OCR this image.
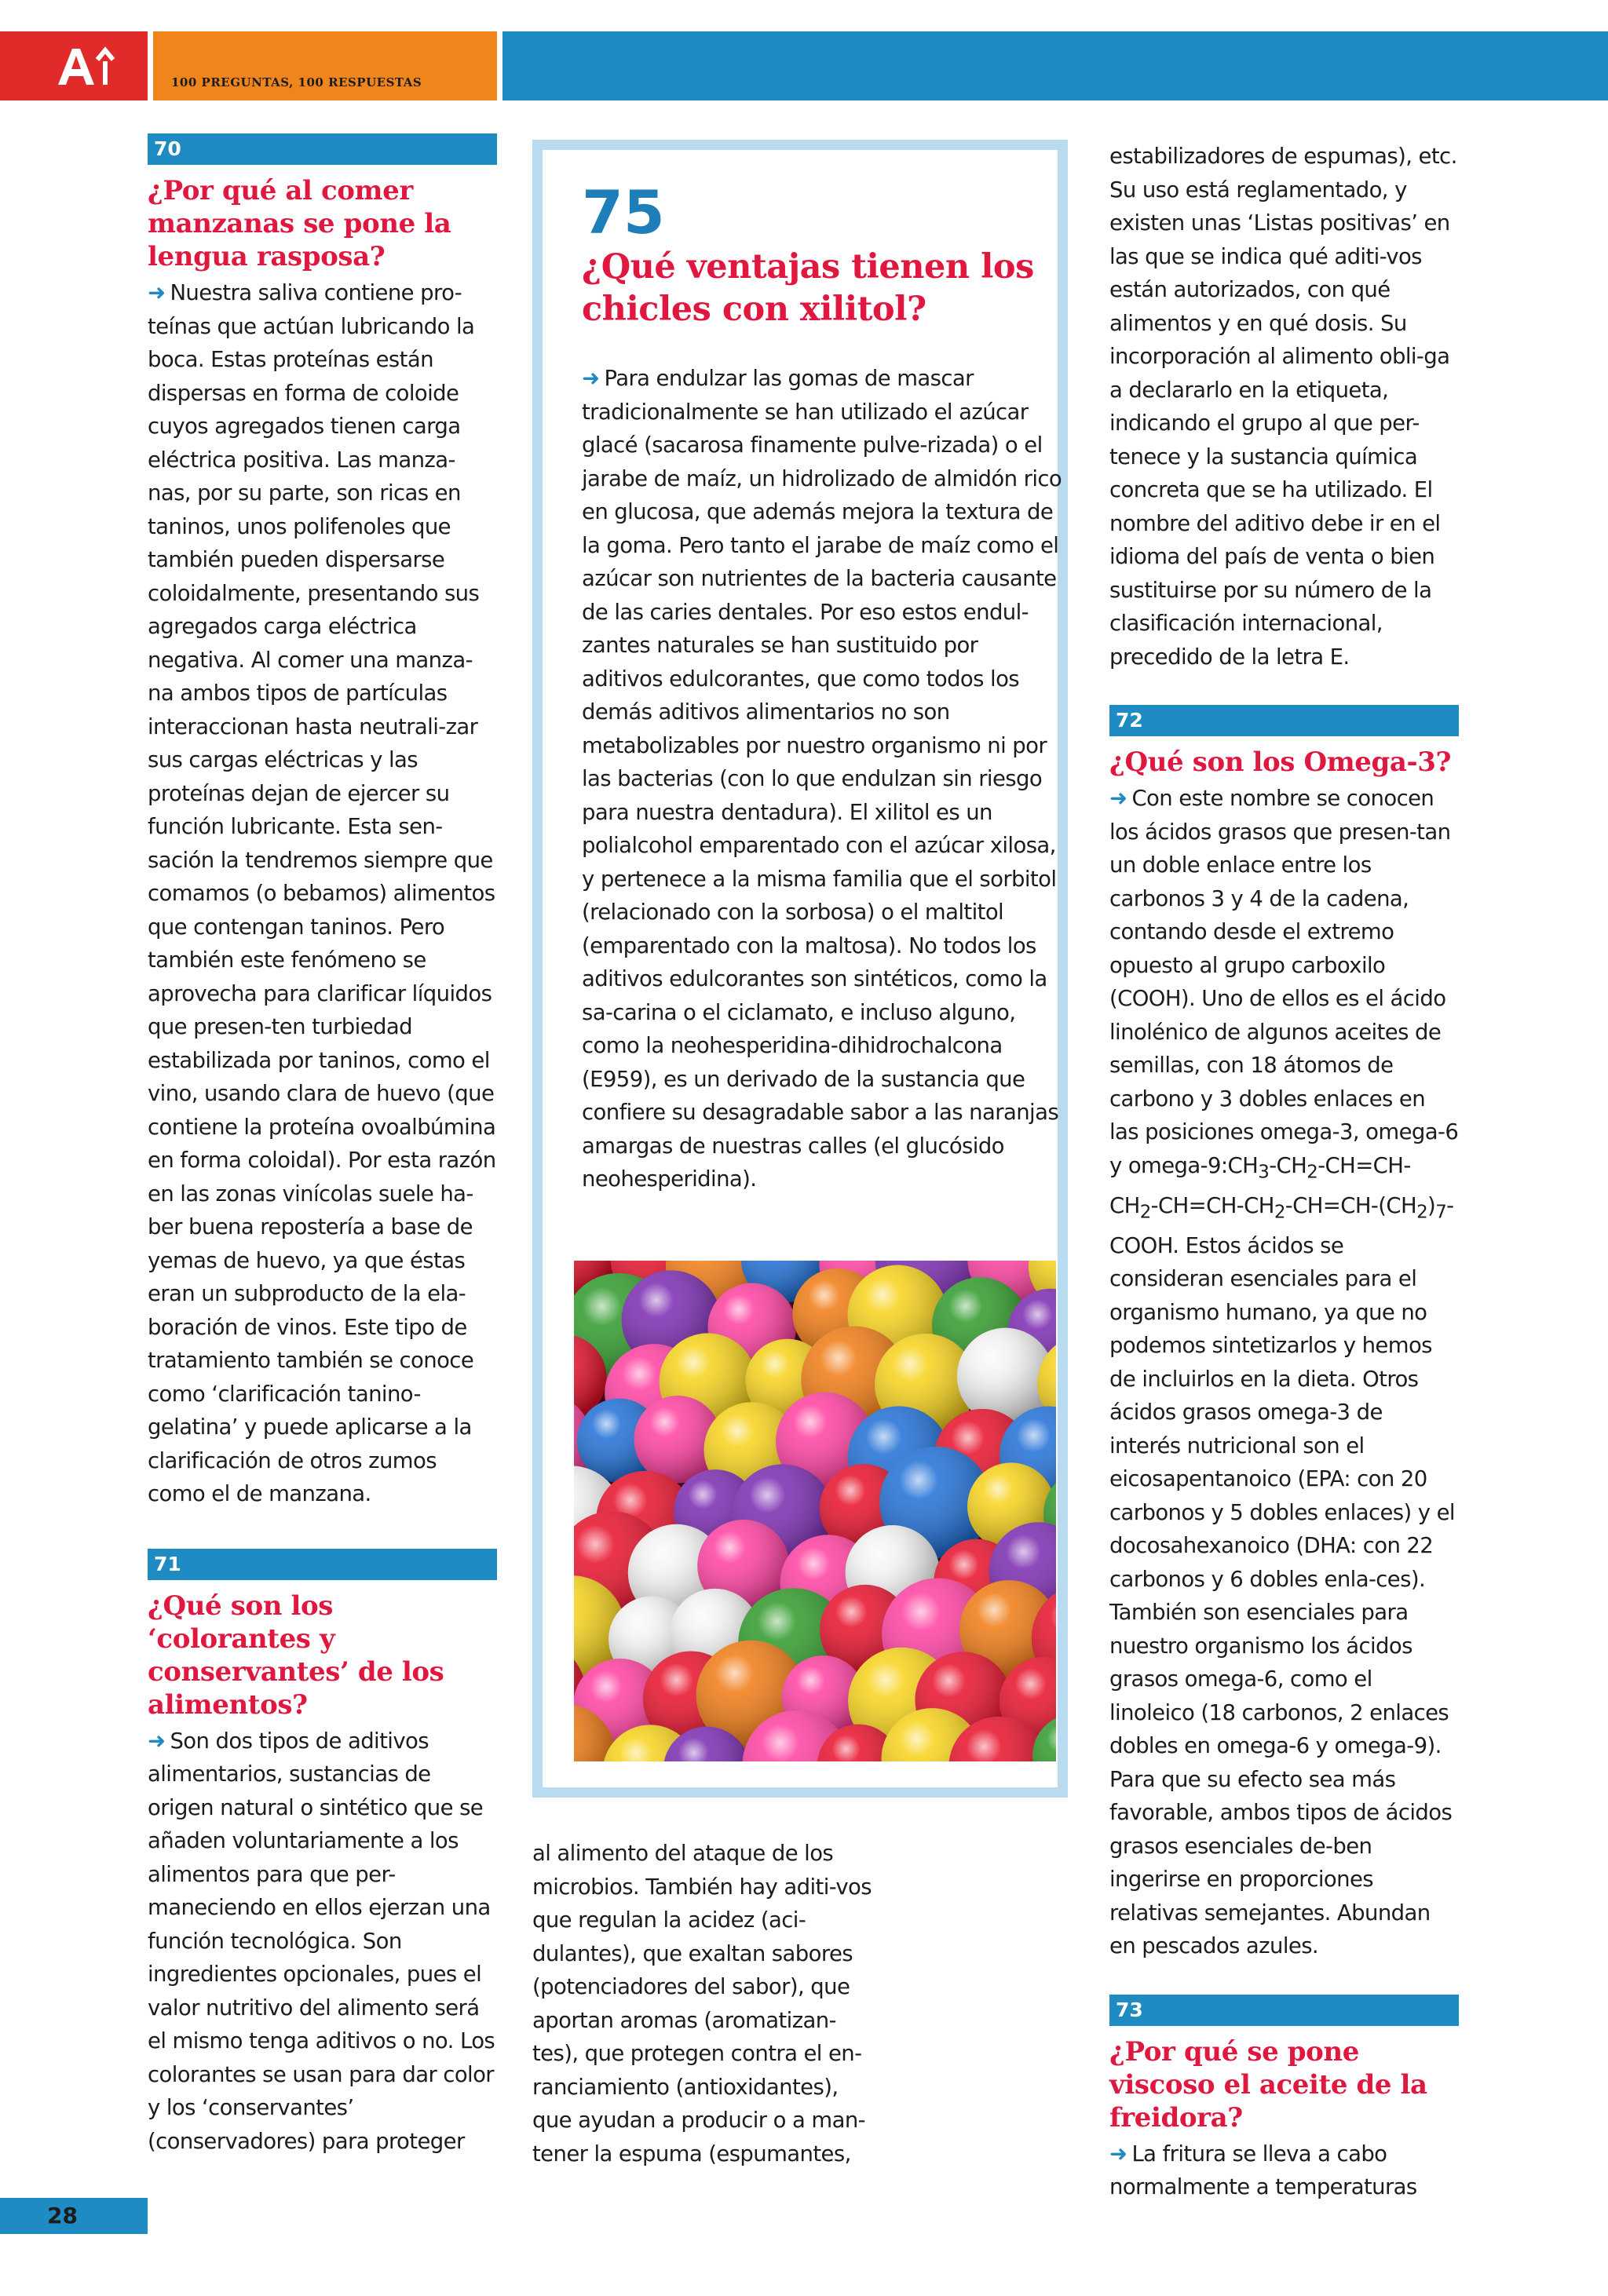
100 PREGUNTAS, 100 RESPUESTAS
70
¿Por qué al comer manzanas se pone la lengua rasposa?

➜ Nuestra saliva contiene pro-teínas que actúan lubricando la boca. Estas proteínas están dispersas en forma de coloide cuyos agregados tienen carga eléctrica positiva. Las manza-nas, por su parte, son ricas en taninos, unos polifenoles que también pueden dispersarse coloidalmente, presentando sus agregados carga eléctrica negativa. Al comer una manza-na ambos tipos de partículas interaccionan hasta neutrali-zar sus cargas eléctricas y las proteínas dejan de ejercer su función lubricante. Esta sen-sación la tendremos siempre que comamos (o bebamos) alimentos que contengan taninos. Pero también este fenómeno se aprovecha para clarificar líquidos que presen-ten turbiedad estabilizada por taninos, como el vino, usando clara de huevo (que contiene la proteína ovoalbúmina en forma coloidal). Por esta razón en las zonas vinícolas suele ha-ber buena repostería a base de yemas de huevo, ya que éstas eran un subproducto de la ela-boración de vinos. Este tipo de tratamiento también se conoce como ‘clarificación tanino-gelatina’ y puede aplicarse a la clarificación de otros zumos como el de manzana.

71
¿Qué son los ‘colorantes y conservantes’ de los alimentos?

➜ Son dos tipos de aditivos alimentarios, sustancias de origen natural o sintético que se añaden voluntariamente a los alimentos para que per-maneciendo en ellos ejerzan una función tecnológica. Son ingredientes opcionales, pues el valor nutritivo del alimento será el mismo tenga aditivos o no. Los colorantes se usan para dar color y los ‘conservantes’ (conservadores) para proteger

75
¿Qué ventajas tienen los chicles con xilitol?

➜ Para endulzar las gomas de mascar tradicionalmente se han utilizado el azúcar glacé (sacarosa finamente pulve-rizada) o el jarabe de maíz, un hidrolizado de almidón rico en glucosa, que además mejora la textura de la goma. Pero tanto el jarabe de maíz como el azúcar son nutrientes de la bacteria causante de las caries dentales. Por eso estos endul-zantes naturales se han sustituido por aditivos edulcorantes, que como todos los demás aditivos alimentarios no son metabolizables por nuestro organismo ni por las bacterias (con lo que endulzan sin riesgo para nuestra dentadura). El xilitol es un polialcohol emparentado con el azúcar xilosa, y pertenece a la misma familia que el sorbitol (relacionado con la sorbosa) o el maltitol (emparentado con la maltosa). No todos los aditivos edulcorantes son sintéticos, como la sa-carina o el ciclamato, e incluso alguno, como la neohesperidina-dihidrochalcona (E959), es un derivado de la sustancia que confiere su desagradable sabor a las naranjas amargas de nuestras calles (el glucósido neohesperidina).

al alimento del ataque de los microbios. También hay aditi-vos que regulan la acidez (aci-dulantes), que exaltan sabores (potenciadores del sabor), que aportan aromas (aromatizan-tes), que protegen contra el en-ranciamiento (antioxidantes), que ayudan a producir o a man-tener la espuma (espumantes,

estabilizadores de espumas), etc. Su uso está reglamentado, y existen unas ‘Listas positivas’ en las que se indica qué aditi-vos están autorizados, con qué alimentos y en qué dosis. Su incorporación al alimento obli-ga a declararlo en la etiqueta, indicando el grupo al que per-tenece y la sustancia química concreta que se ha utilizado. El nombre del aditivo debe ir en el idioma del país de venta o bien sustituirse por su número de la clasificación internacional, precedido de la letra E.

72
¿Qué son los Omega-3?

➜ Con este nombre se conocen los ácidos grasos que presen-tan un doble enlace entre los carbonos 3 y 4 de la cadena, contando desde el extremo opuesto al grupo carboxilo (COOH). Uno de ellos es el ácido linolénico de algunos aceites de semillas, con 18 átomos de carbono y 3 dobles enlaces en las posiciones omega-3, omega-6 y omega-$9:CH_3-CH_2-CH=CH-CH_2-CH=CH-CH_2-CH=CH-(CH_2)_7$-COOH. Estos ácidos se consideran esenciales para el organismo humano, ya que no podemos sintetizarlos y hemos de incluirlos en la dieta. Otros ácidos grasos omega-3 de interés nutricional son el eicosapentanoico (EPA: con 20 carbonos y 5 dobles enlaces) y el docosahexanoico (DHA: con 22 carbonos y 6 dobles enla-ces). También son esenciales para nuestro organismo los ácidos grasos omega-6, como el linoleico (18 carbonos, 2 enlaces dobles en omega-6 y omega-9). Para que su efecto sea más favorable, ambos tipos de ácidos grasos esenciales de-ben ingerirse en proporciones relativas semejantes. Abundan en pescados azules.

73
¿Por qué se pone viscoso el aceite de la freidora?

➜ La fritura se lleva a cabo normalmente a temperaturas

28
